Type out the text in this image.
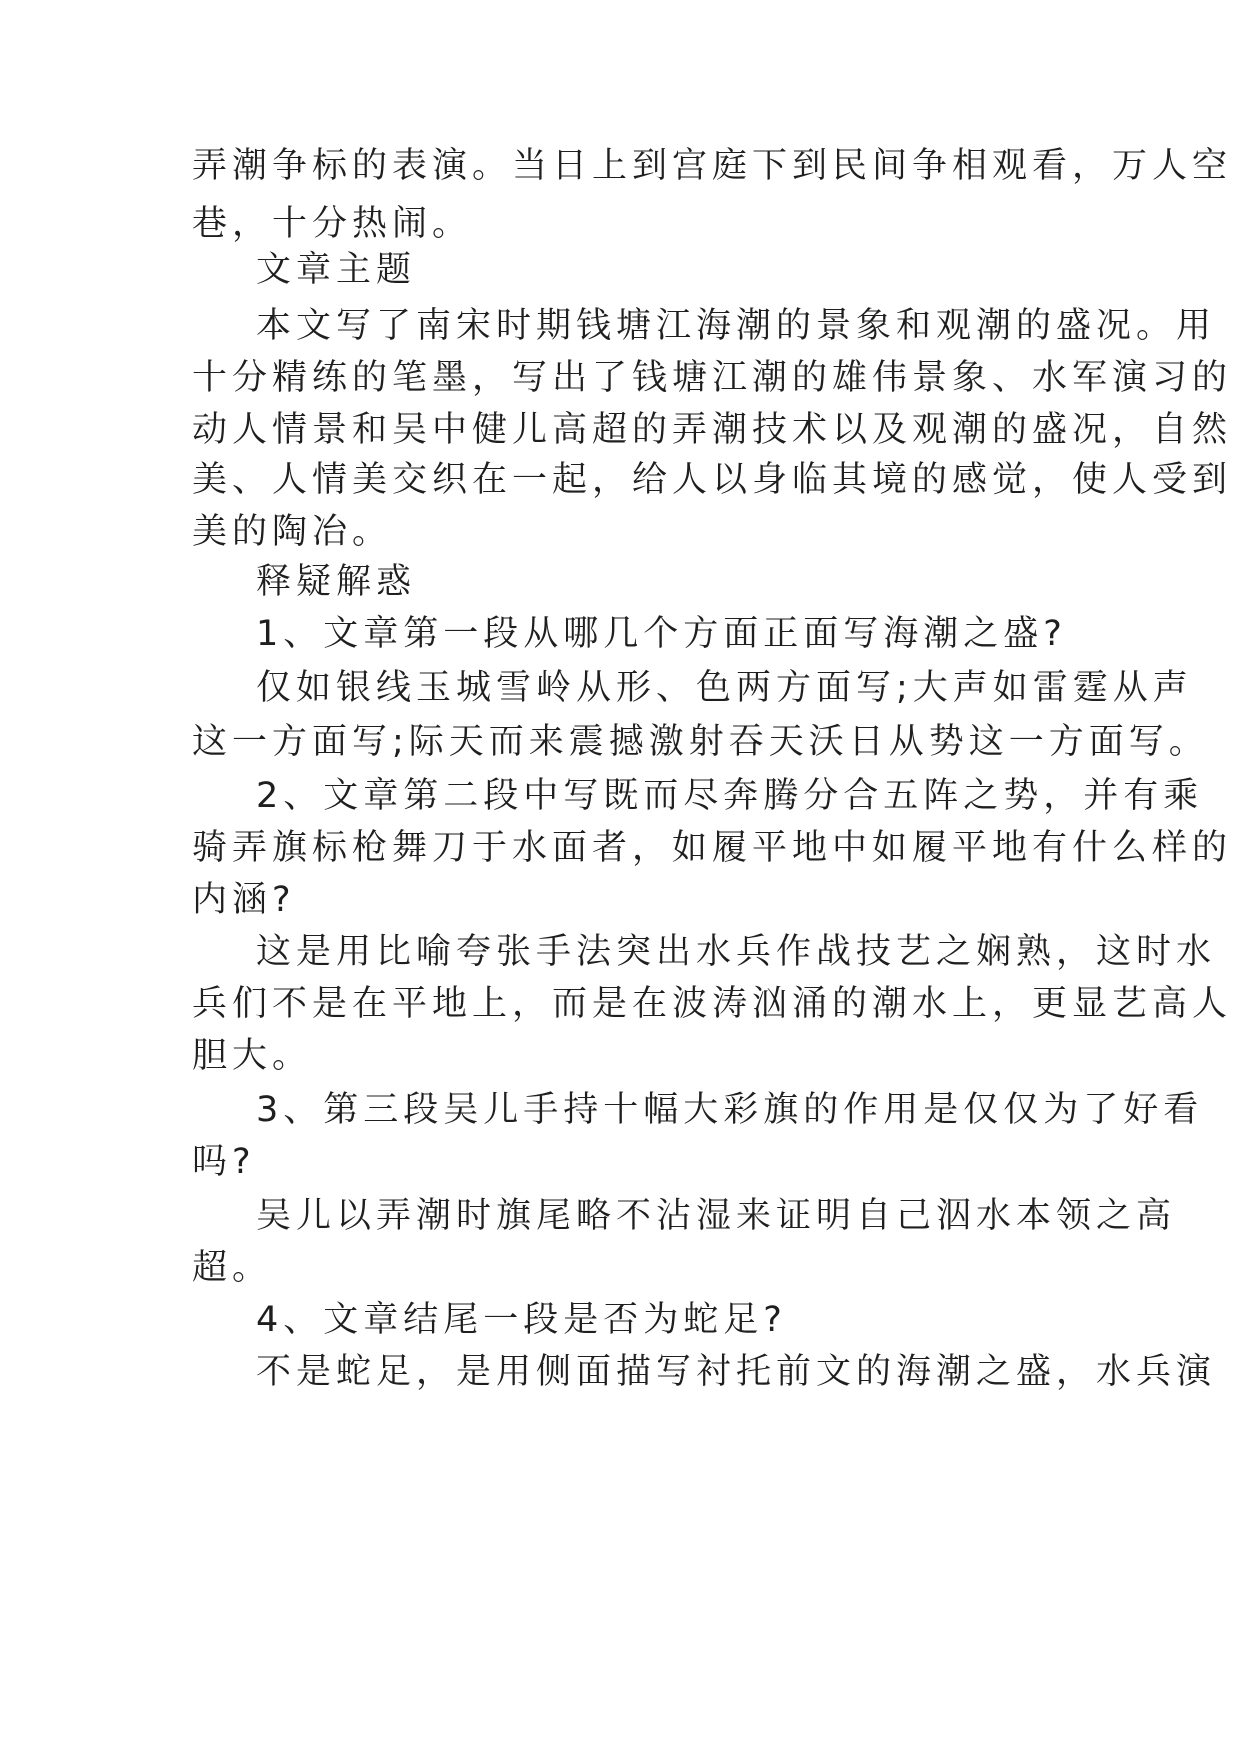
弄潮争标的表演。当日上到宫庭下到民间争相观看，万人空
巷，十分热闹。
文章主题
本文写了南宋时期钱塘江海潮的景象和观潮的盛况。用
十分精练的笔墨，写出了钱塘江潮的雄伟景象、水军演习的
动人情景和吴中健儿高超的弄潮技术以及观潮的盛况，自然
美、人情美交织在一起，给人以身临其境的感觉，使人受到
美的陶冶。
释疑解惑
1、文章第一段从哪几个方面正面写海潮之盛?
仅如银线玉城雪岭从形、色两方面写;大声如雷霆从声
这一方面写;际天而来震撼激射吞天沃日从势这一方面写。
2、文章第二段中写既而尽奔腾分合五阵之势，并有乘
骑弄旗标枪舞刀于水面者，如履平地中如履平地有什么样的
内涵?
这是用比喻夸张手法突出水兵作战技艺之娴熟，这时水
兵们不是在平地上，而是在波涛汹涌的潮水上，更显艺高人
胆大。
3、第三段吴儿手持十幅大彩旗的作用是仅仅为了好看
吗?
吴儿以弄潮时旗尾略不沾湿来证明自己泅水本领之高
超。
4、文章结尾一段是否为蛇足?
不是蛇足，是用侧面描写衬托前文的海潮之盛，水兵演
